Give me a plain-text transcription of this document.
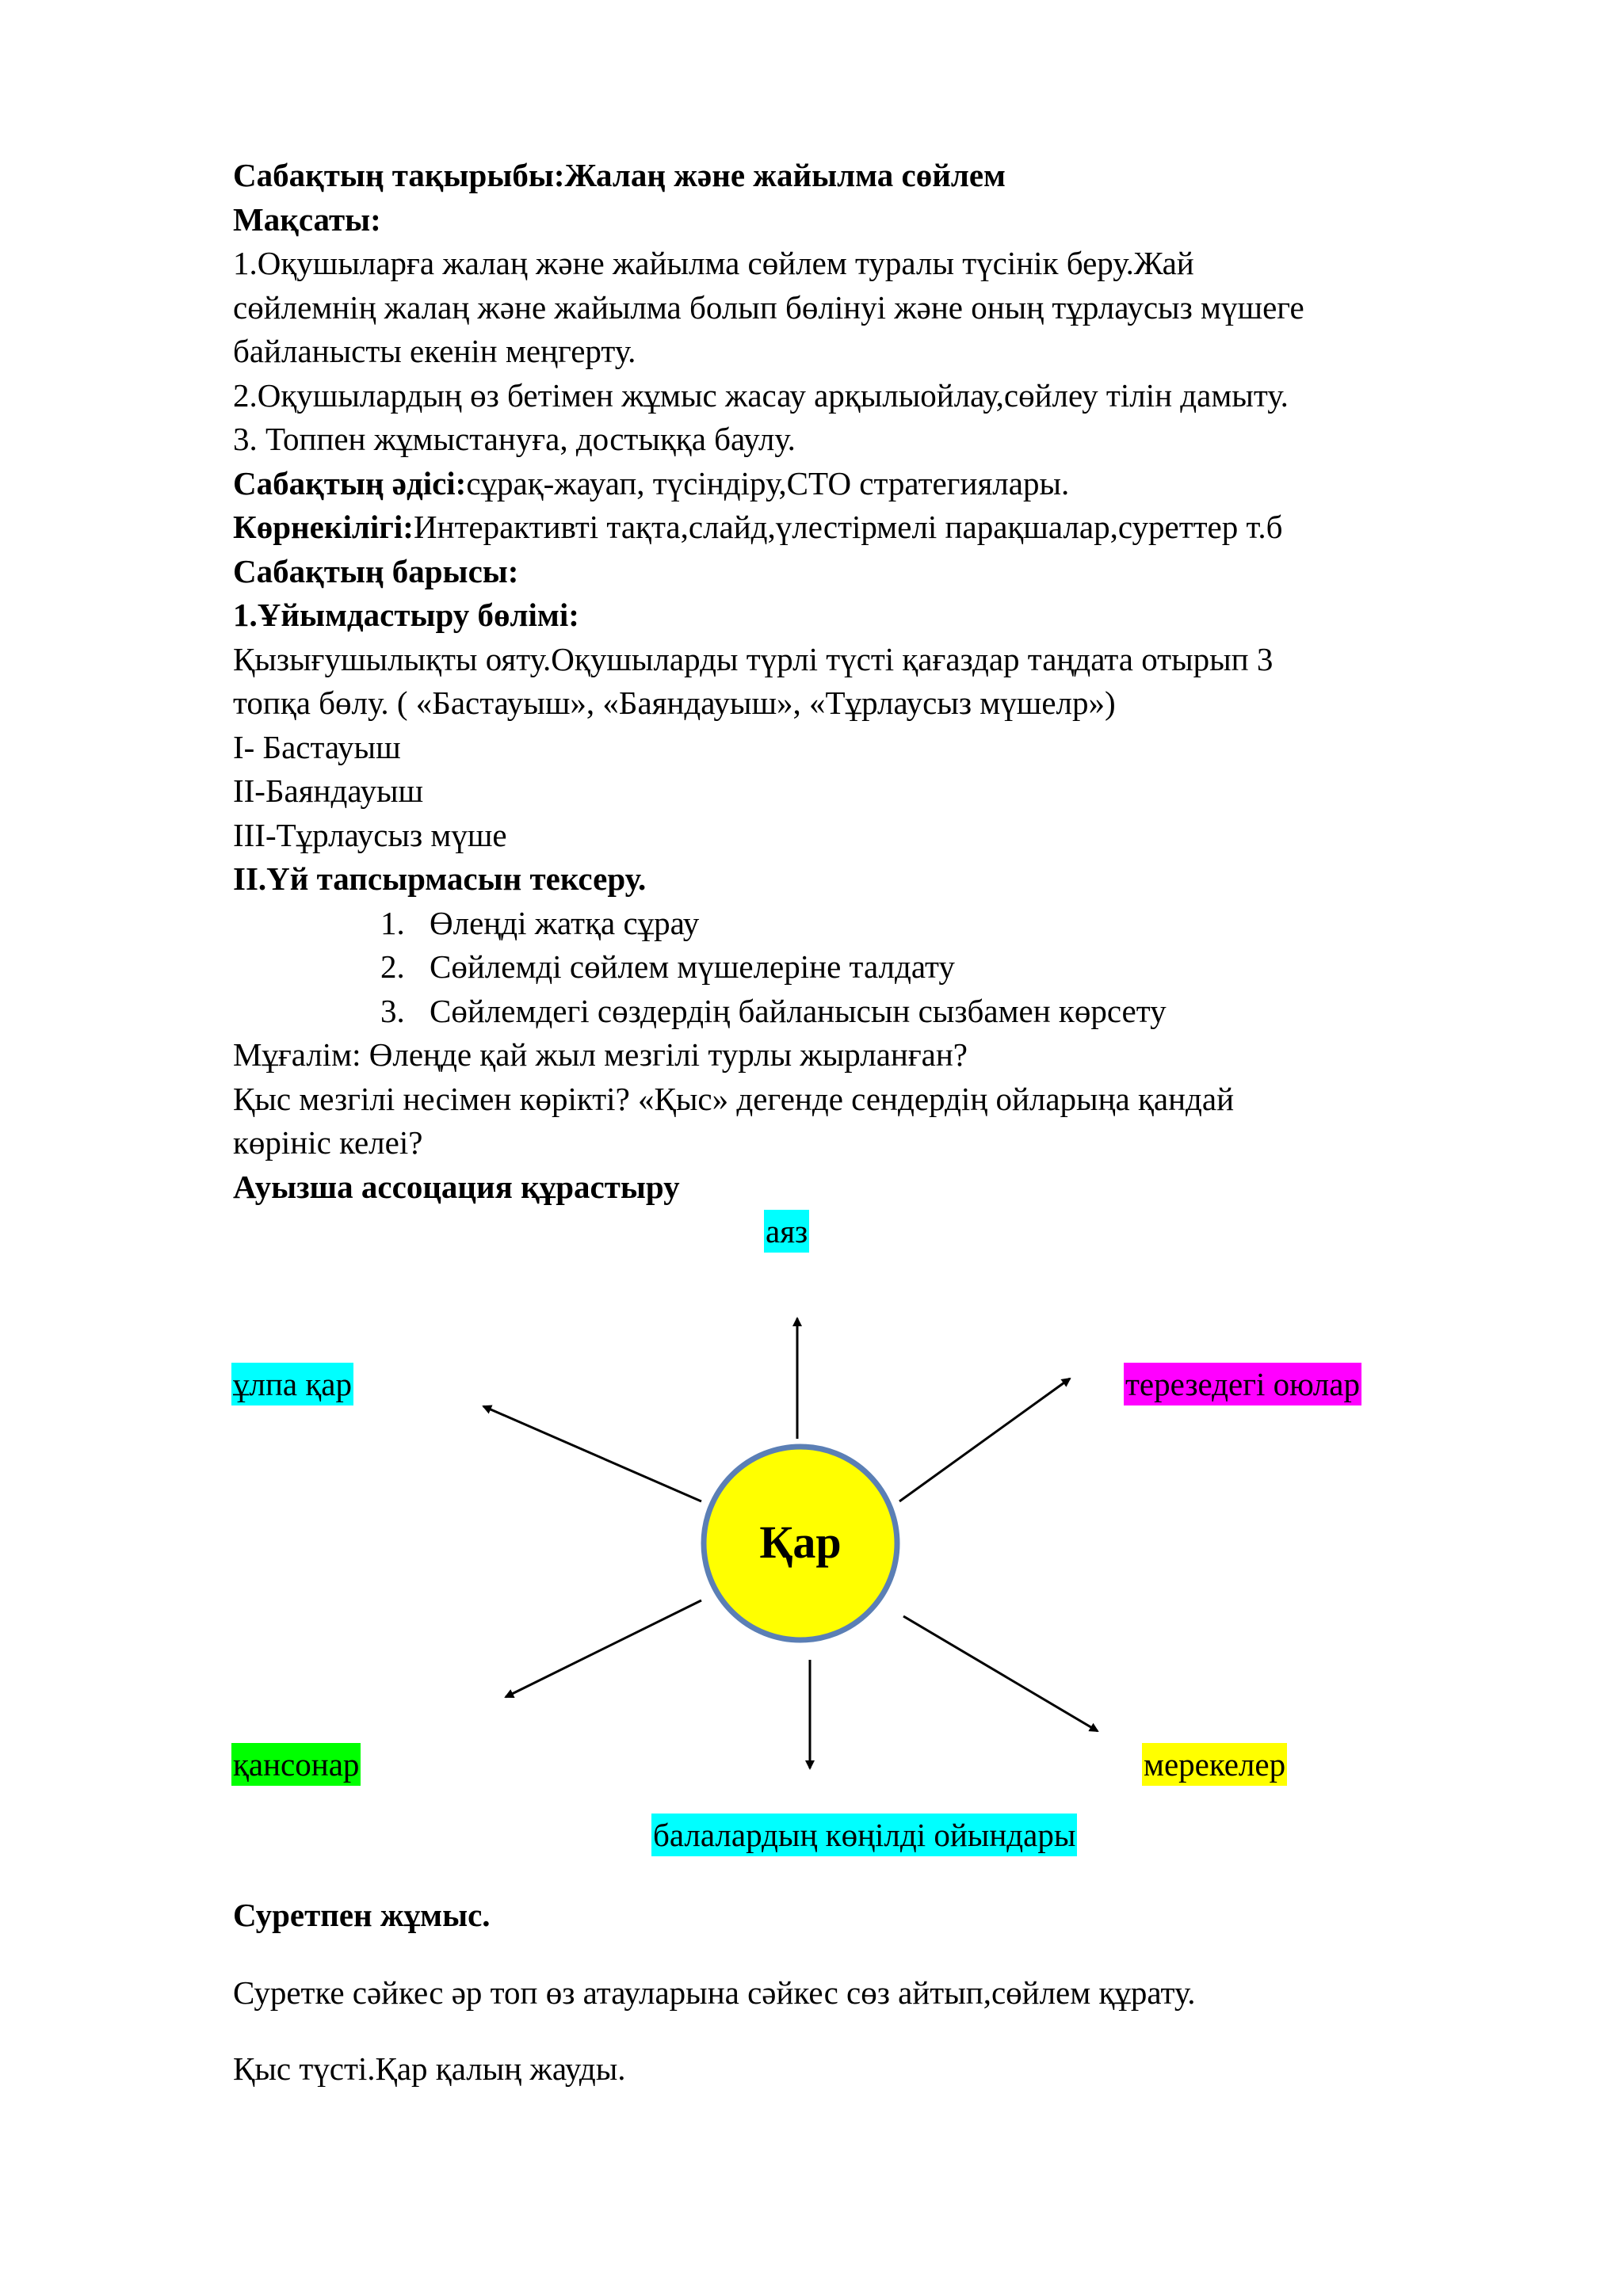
Сабақтың тақырыбы:Жалаң және жайылма сөйлем

Мақсаты:

1.Оқушыларға жалаң және жайылма сөйлем туралы түсінік беру.Жай

сөйлемнің жалаң және жайылма болып бөлінуі және оның тұрлаусыз мүшеге

байланысты екенін меңгерту.

2.Оқушылардың өз бетімен жұмыс жасау арқылыойлау,сөйлеу тілін дамыту.

3. Топпен жұмыстануға, достыққа баулу.

Сабақтың әдісі:сұрақ-жауап, түсіндіру,СТО стратегиялары.

Көрнекілігі:Интерактивті тақта,слайд,үлестірмелі парақшалар,суреттер т.б

Сабақтың барысы:

1.Ұйымдастыру бөлімі:

Қызығушылықты ояту.Оқушыларды түрлі түсті қағаздар таңдата отырып 3

топқа бөлу. ( «Бастауыш», «Баяндауыш», «Тұрлаусыз мүшелр»)

I- Бастауыш

II-Баяндауыш

III-Тұрлаусыз мүше

II.Үй тапсырмасын тексеру.

1. Өлеңді жатқа сұрау

2. Сөйлемді сөйлем мүшелеріне талдату

3. Сөйлемдегі сөздердің байланысын сызбамен көрсету

Мұғалім: Өлеңде қай жыл мезгілі турлы жырланған?

Қыс мезгілі несімен көрікті? «Қыс» дегенде сендердің ойларыңа қандай

көрініс келеі?

Ауызша ассоцация құрастыру

Қар
аяз
ұлпа қар	терезедегі оюлар
қансонар	мерекелер
балалардың көңілді ойындары

Суретпен жұмыс.

Суретке сәйкес әр топ өз атауларына сәйкес сөз айтып,сөйлем құрату.

Қыс түсті.Қар қалың жауды.
